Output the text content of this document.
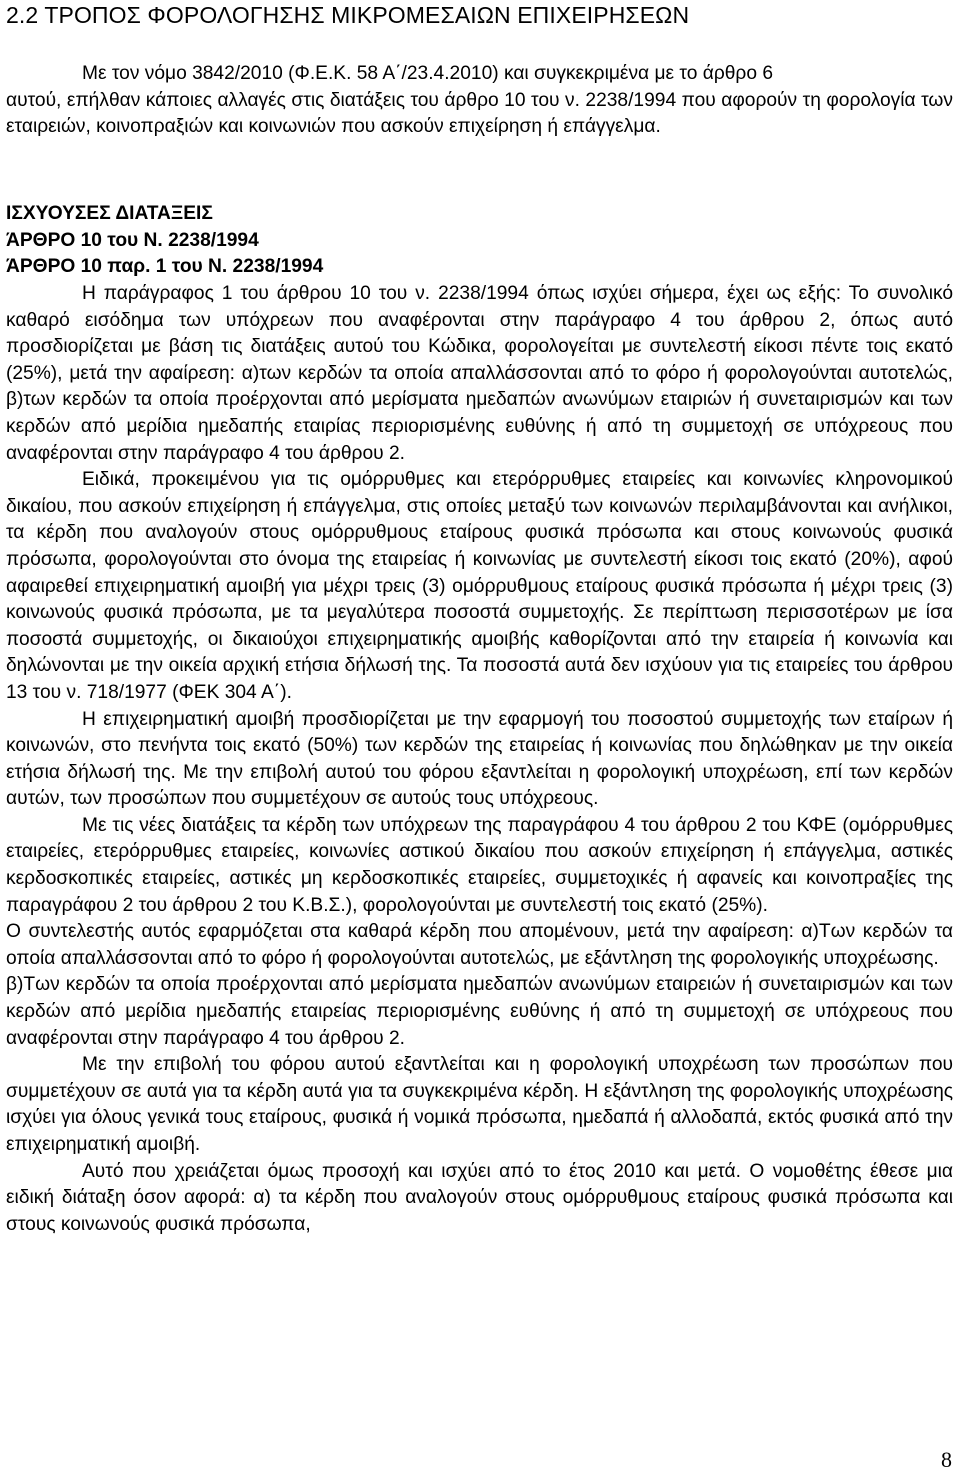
2.2 ΤΡΟΠΟΣ ΦΟΡΟΛΟΓΗΣΗΣ ΜΙΚΡΟΜΕΣΑΙΩΝ ΕΠΙΧΕΙΡΗΣΕΩΝ

Με τον νόμο 3842/2010 (Φ.Ε.Κ. 58 Α΄/23.4.2010) και συγκεκριμένα με το άρθρο 6

αυτού, επήλθαν κάποιες αλλαγές στις διατάξεις του άρθρο 10 του ν. 2238/1994 που αφορούν τη φορολογία των εταιρειών, κοινοπραξιών και κοινωνιών που ασκούν επιχείρηση ή επάγγελμα.

ΙΣΧΥΟΥΣΕΣ ΔΙΑΤΑΞΕΙΣ
ΆΡΘΡΟ 10 του Ν. 2238/1994
ΆΡΘΡΟ 10 παρ. 1 του Ν. 2238/1994

Η παράγραφος 1 του άρθρου 10 του ν. 2238/1994 όπως ισχύει σήμερα, έχει ως εξής: Το συνολικό καθαρό εισόδημα των υπόχρεων που αναφέρονται στην παράγραφο 4 του άρθρου 2, όπως αυτό προσδιορίζεται με βάση τις διατάξεις αυτού του Κώδικα, φορολογείται με συντελεστή είκοσι πέντε τοις εκατό (25%), μετά την αφαίρεση: α)των κερδών τα οποία απαλλάσσονται από το φόρο ή φορολογούνται αυτοτελώς, β)των κερδών τα οποία προέρχονται από μερίσματα ημεδαπών ανωνύμων εταιριών ή συνεταιρισμών και των κερδών από μερίδια ημεδαπής εταιρίας περιορισμένης ευθύνης ή από τη συμμετοχή σε υπόχρεους που αναφέρονται στην παράγραφο 4 του άρθρου 2.

Ειδικά, προκειμένου για τις ομόρρυθμες και ετερόρρυθμες εταιρείες και κοινωνίες κληρονομικού δικαίου, που ασκούν επιχείρηση ή επάγγελμα, στις οποίες μεταξύ των κοινωνών περιλαμβάνονται και ανήλικοι, τα κέρδη που αναλογούν στους ομόρρυθμους εταίρους φυσικά πρόσωπα και στους κοινωνούς φυσικά πρόσωπα, φορολογούνται στο όνομα της εταιρείας ή κοινωνίας με συντελεστή είκοσι τοις εκατό (20%), αφού αφαιρεθεί επιχειρηματική αμοιβή για μέχρι τρεις (3) ομόρρυθμους εταίρους φυσικά πρόσωπα ή μέχρι τρεις (3) κοινωνούς φυσικά πρόσωπα, με τα μεγαλύτερα ποσοστά συμμετοχής. Σε περίπτωση περισσοτέρων με ίσα ποσοστά συμμετοχής, οι δικαιούχοι επιχειρηματικής αμοιβής καθορίζονται από την εταιρεία ή κοινωνία και δηλώνονται με την οικεία αρχική ετήσια δήλωσή της. Τα ποσοστά αυτά δεν ισχύουν για τις εταιρείες του άρθρου 13 του ν. 718/1977 (ΦΕΚ 304 Α΄).

Η επιχειρηματική αμοιβή προσδιορίζεται με την εφαρμογή του ποσοστού συμμετοχής των εταίρων ή κοινωνών, στο πενήντα τοις εκατό (50%) των κερδών της εταιρείας ή κοινωνίας που δηλώθηκαν με την οικεία ετήσια δήλωσή της. Με την επιβολή αυτού του φόρου εξαντλείται η φορολογική υποχρέωση, επί των κερδών αυτών, των προσώπων που συμμετέχουν σε αυτούς τους υπόχρεους.

Με τις νέες διατάξεις τα κέρδη των υπόχρεων της παραγράφου 4 του άρθρου 2 του ΚΦΕ (ομόρρυθμες εταιρείες, ετερόρρυθμες εταιρείες, κοινωνίες αστικού δικαίου που ασκούν επιχείρηση ή επάγγελμα, αστικές κερδοσκοπικές εταιρείες, αστικές μη κερδοσκοπικές εταιρείες, συμμετοχικές ή αφανείς και κοινοπραξίες της παραγράφου 2 του άρθρου 2 του Κ.Β.Σ.), φορολογούνται με συντελεστή τοις εκατό (25%).

Ο συντελεστής αυτός εφαρμόζεται στα καθαρά κέρδη που απομένουν, μετά την αφαίρεση: α)Των κερδών τα οποία απαλλάσσονται από το φόρο ή φορολογούνται αυτοτελώς, με εξάντληση της φορολογικής υποχρέωσης.

β)Των κερδών τα οποία προέρχονται από μερίσματα ημεδαπών ανωνύμων εταιρειών ή συνεταιρισμών και των κερδών από μερίδια ημεδαπής εταιρείας περιορισμένης ευθύνης ή από τη συμμετοχή σε υπόχρεους που αναφέρονται στην παράγραφο 4 του άρθρου 2.

Με την επιβολή του φόρου αυτού εξαντλείται και η φορολογική υποχρέωση των προσώπων που συμμετέχουν σε αυτά για τα κέρδη αυτά για τα συγκεκριμένα κέρδη. Η εξάντληση της φορολογικής υποχρέωσης ισχύει για όλους γενικά τους εταίρους, φυσικά ή νομικά πρόσωπα, ημεδαπά ή αλλοδαπά, εκτός φυσικά από την επιχειρηματική αμοιβή.

Αυτό που χρειάζεται όμως προσοχή και ισχύει από το έτος 2010 και μετά. Ο νομοθέτης έθεσε μια ειδική διάταξη όσον αφορά: α) τα κέρδη που αναλογούν στους ομόρρυθμους εταίρους φυσικά πρόσωπα και στους κοινωνούς φυσικά πρόσωπα,

8
